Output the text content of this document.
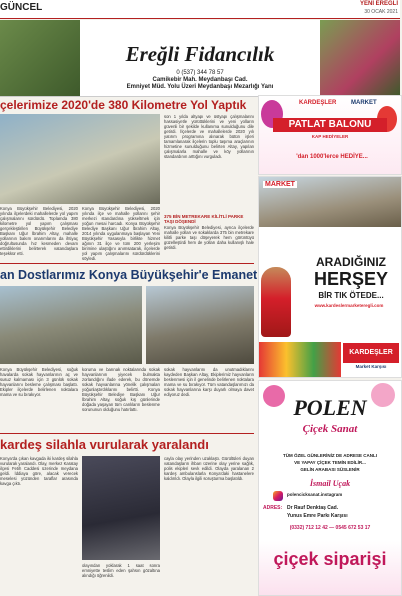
GÜNCEL	YENİ EREĞLİ
30 OCAK 2021
Ereğli Fidancılık
0 (537) 344 78 57
Camikebir Mah. Meydanbaşı Cad.
Emniyet Müd. Yolu Üzeri Meydanbaşı Mezarlığı Yanı
çelerimize 2020'de 380 Kilometre Yol Yaptık
Konya Büyükşehir Belediyesi, 2020 yılında ilçelerdeki mahallelerde yol yapım çalışmalarını sürdürdü. Toplamda 380 kilometre yol yapım çalışması gerçekleştirilen Büyükşehir Belediye Başkanı Uğur İbrahim Altay, mahalle yollarının bakım onarımlarını da ihtiyaç doğrultusunda hız kesmeden devam ettirdiklerini belirterek vatandaşlara teşekkür etti.
Konya Büyükşehir Belediyesi, 2020 yılında ilçe ve mahalle yollarını şehir merkezi standardına yükseltmek için yoğun mesai harcadı. Konya Büyükşehir Belediye Başkanı Uğur İbrahim Altay, 2014 yılında uygulanmaya başlayan Yeni Büyükşehir Yasasıyla birlikte hizmet ağının 31 ilçe ve tüm 200 yerleşim birimine ulaştığını anımsatarak, ilçelerde yol yapım çalışmalarını sürdürdüklerini söyledi.
son 1 yılda altyapı ve üstyapı çalışmalarını hassasiyetle yürüttüklerini ve yeni yolların güvenli bir şekilde kullanıma sunulduğunu dile getirdi. İlçelerde ve mahallelerde 2020 yılı yatırım programına alınarak bütün işleri tamamlanarak ilçelerin toplu taşıma araçlarının hizmetine sunulduğunu belirten Altay, yapılan çalışmalarla mahalle ve köy yollarının standardının arttığını vurguladı.
375 BİN METREKARE KİLİTLİ PARKE TAŞI DÖŞENDİ
Konya Büyükşehir Belediyesi, ayrıca ilçelerde mahalle yolları ve sokaklarda 375 bin metrekare kilitli parke taşı döşeyerek hem görüntüyü güzelleştirdi hem de yolları daha kullanışlı hale getirdi.
an Dostlarımız Konya Büyükşehir'e Emanet
Konya Büyükşehir Belediyesi, soğuk havalarda sokak hayvanlarının aç ve susuz kalmaması için 3 günlük sokak hayvanlarını besleme çalışması başlattı. Ekipler ilçelerde belirlenen noktalara mama ve su bırakıyor.
koruma ve barınak noktalarında sokak hayvanlarının yiyecek bulmakta zorlandığını ifade ederek, bu dönemde sokak hayvanlarına yönelik çalışmaları yoğunlaştırdıklarını belirtti. Konya Büyükşehir Belediye Başkanı Uğur İbrahim Altay, soğuk kış günlerinde doğada yaşayan tüm canlıların beslenme sorununun olduğunu hatırlattı.
sokak hayvanlarını da unutmadıklarını kaydeden Başkan Altay, Ekiplerimiz hayvanların beslenmesi için il genelinde belirlenen noktalara mama ve su bırakıyor. Tüm vatandaşlarımızı da sokak hayvanlarına karşı duyarlı olmaya davet ediyoruz dedi.
kardeş silahla vurularak yaralandı
Konya'da çıkan kavgada iki kardeş silahla vurularak yaralandı. Olay, merkez Karatay ilçesi Fetih Caddesi üzerinde meydana geldi. İddiaya göre, alacak verecek meselesi yüzünden taraflar arasında kavga çıktı.
olayından yoklarak 1 saat sonra emniyette teslim eden şahsın gözaltına alındığı öğrenildi.
cayla olay yerinden uzaklaştı. Gürültüleri duyan vatandaşların ihbarı üzerine olay yerine sağlık, polis ekipleri sevk edildi. Olayda yaralanan 2 kardeş ambulanslarla Konya'daki hastanelere kaldırıldı. Olayla ilgili soruşturma başlatıldı.
KARDEŞLER MARKET
PATLAT BALONU
KAP HEDİYELER
'dan 1000'lerce HEDİYE...
MARKET
ARADIĞINIZ
HERŞEY
BİR TIK ÖTEDE...
www.kardeslermarketeregli.com
KARDEŞLER
Market Karşısı
POLEN
Çiçek Sanat
TÜM ÖZEL GÜNLERİNİZ DE ADRESE CANLI
VE YAPAY ÇİÇEK TEMİN EDİLİR...
GELİN ARABASI SÜSLENİR
İsmail Uçak
polencicksanat.instagram
ADRES: Dr Rauf Denktaş Cad.
Yunus Emre Parkı Karşısı
(0332) 712 12 42 — 0545 672 53 17
çiçek siparişi
